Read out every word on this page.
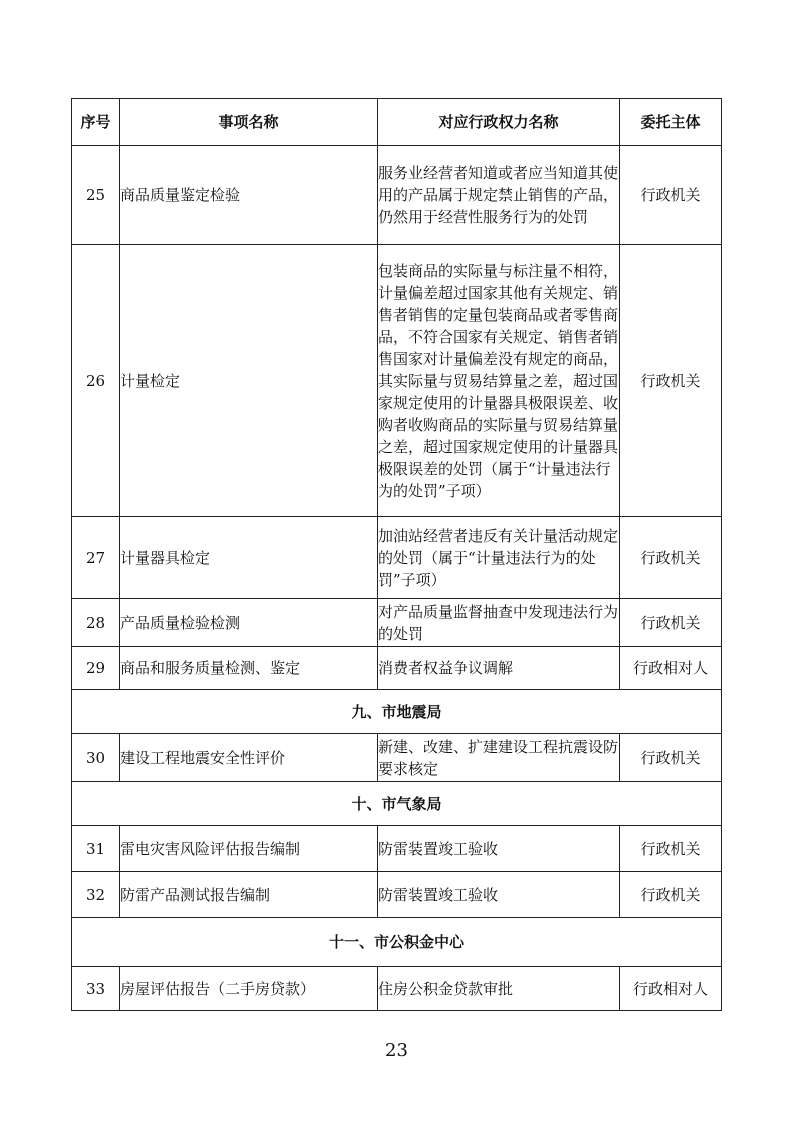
序号	事项名称	对应行政权力名称	委托主体
25	商品质量鉴定检验	服务业经营者知道或者应当知道其使用的产品属于规定禁止销售的产品，仍然用于经营性服务行为的处罚	行政机关
26	计量检定	包装商品的实际量与标注量不相符，计量偏差超过国家其他有关规定、销售者销售的定量包装商品或者零售商品，不符合国家有关规定、销售者销售国家对计量偏差没有规定的商品，其实际量与贸易结算量之差，超过国家规定使用的计量器具极限误差、收购者收购商品的实际量与贸易结算量之差，超过国家规定使用的计量器具极限误差的处罚（属于“计量违法行为的处罚”子项）	行政机关
27	计量器具检定	加油站经营者违反有关计量活动规定的处罚（属于“计量违法行为的处罚”子项）	行政机关
28	产品质量检验检测	对产品质量监督抽查中发现违法行为的处罚	行政机关
29	商品和服务质量检测、鉴定	消费者权益争议调解	行政相对人
九、市地震局			
30	建设工程地震安全性评价	新建、改建、扩建建设工程抗震设防要求核定	行政机关
十、市气象局			
31	雷电灾害风险评估报告编制	防雷装置竣工验收	行政机关
32	防雷产品测试报告编制	防雷装置竣工验收	行政机关
十一、市公积金中心			
33	房屋评估报告（二手房贷款）	住房公积金贷款审批	行政相对人
23
